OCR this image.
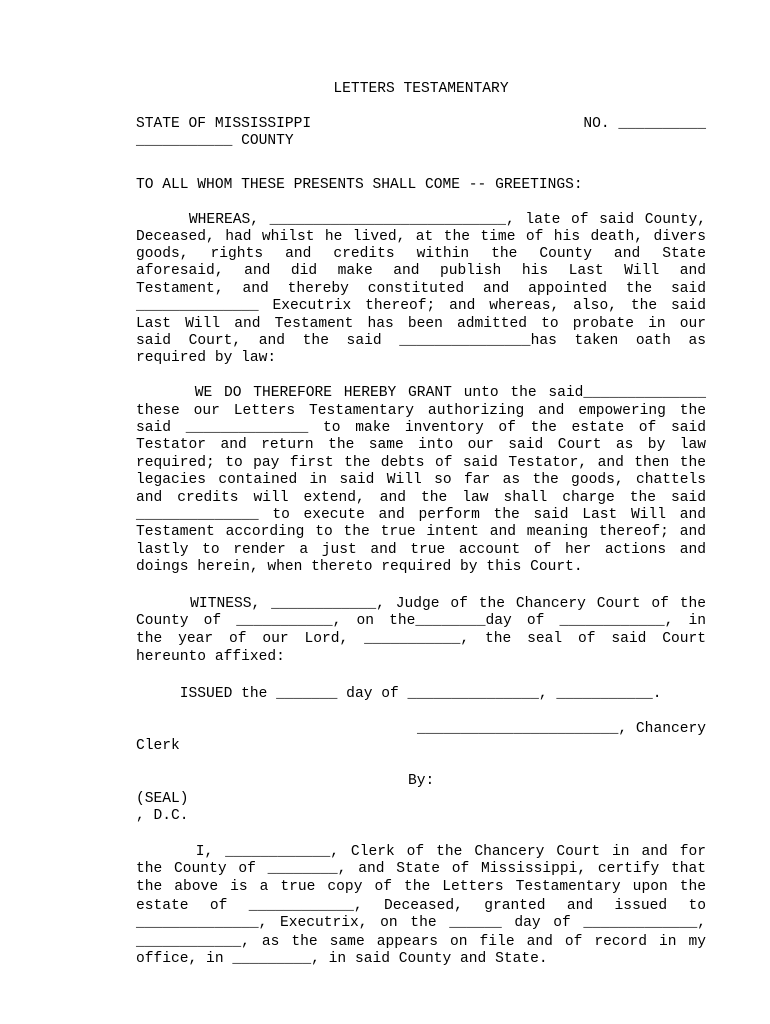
LETTERS TESTAMENTARY
STATE OF MISSISSIPPI	NO. __________
___________ COUNTY
TO ALL WHOM THESE PRESENTS SHALL COME -- GREETINGS:
WHEREAS, ___________________________, late of said County,
Deceased, had whilst he lived, at the time of his death, divers
goods, rights and credits within the County and State
aforesaid, and did make and publish his Last Will and
Testament, and thereby constituted and appointed the said
______________ Executrix thereof; and whereas, also, the said
Last Will and Testament has been admitted to probate in our
said Court, and the said _______________has taken oath as
required by law:
WE DO THEREFORE HEREBY GRANT unto the said______________
these our Letters Testamentary authorizing and empowering the
said ______________ to make inventory of the estate of said
Testator and return the same into our said Court as by law
required; to pay first the debts of said Testator, and then the
legacies contained in said Will so far as the goods, chattels
and credits will extend, and the law shall charge the said
______________ to execute and perform the said Last Will and
Testament according to the true intent and meaning thereof; and
lastly to render a just and true account of her actions and
doings herein, when thereto required by this Court.
WITNESS, ____________, Judge of the Chancery Court of the
County of ___________, on the________day of ____________, in
the year of our Lord, ___________, the seal of said Court
hereunto affixed:
ISSUED the _______ day of _______________, ___________.
_______________________, Chancery
Clerk
By:
(SEAL)
, D.C.
I, ____________, Clerk of the Chancery Court in and for
the County of ________, and State of Mississippi, certify that
the above is a true copy of the Letters Testamentary upon the
estate of ____________, Deceased, granted and issued to
______________, Executrix, on the ______ day of _____________,
____________, as the same appears on file and of record in my
office, in _________, in said County and State.
